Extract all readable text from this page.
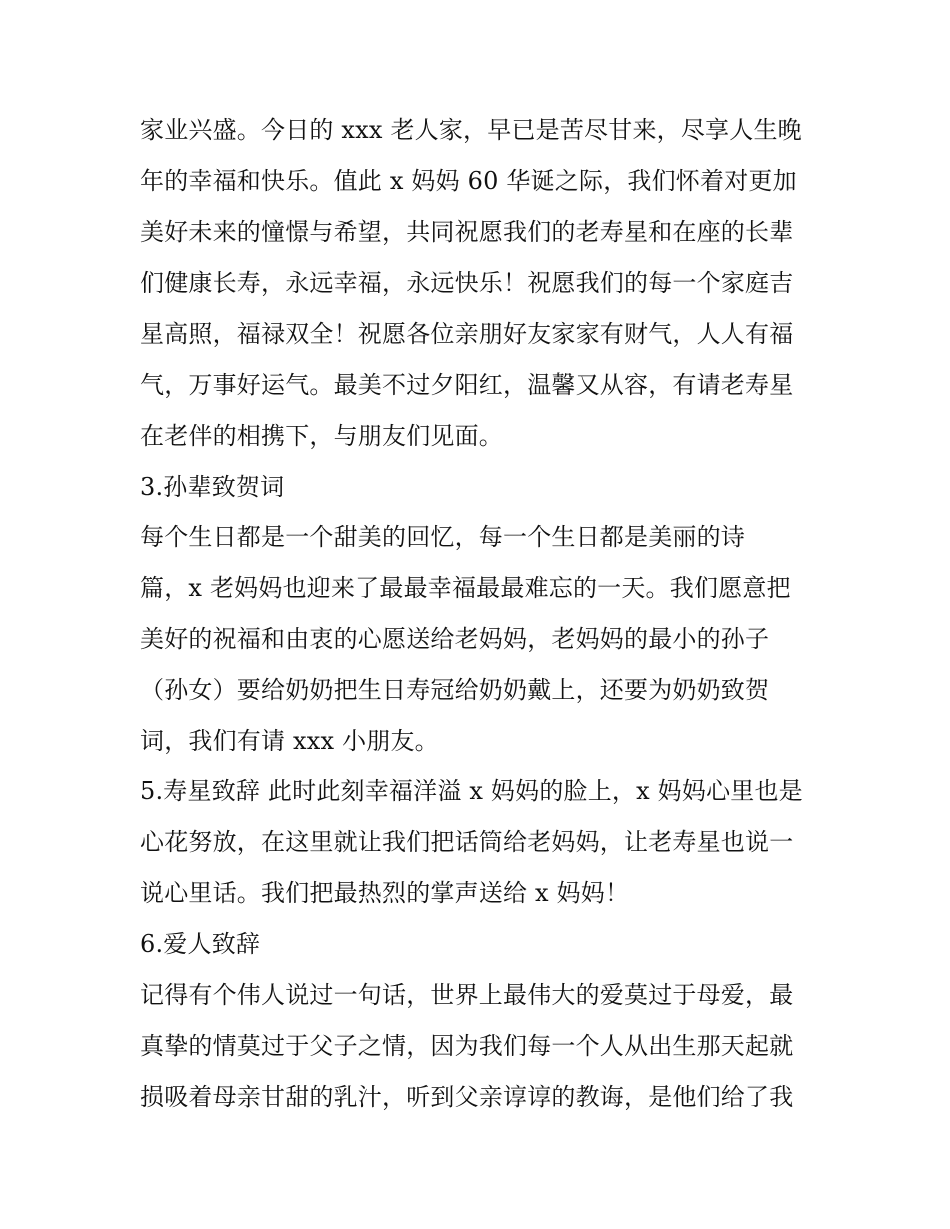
家业兴盛。今日的 xxx 老人家，早已是苦尽甘来，尽享人生晚
年的幸福和快乐。值此 x 妈妈 60 华诞之际，我们怀着对更加
美好未来的憧憬与希望，共同祝愿我们的老寿星和在座的长辈
们健康长寿，永远幸福，永远快乐！祝愿我们的每一个家庭吉
星高照，福禄双全！祝愿各位亲朋好友家家有财气，人人有福
气，万事好运气。最美不过夕阳红，温馨又从容，有请老寿星
在老伴的相携下，与朋友们见面。
3.孙辈致贺词
每个生日都是一个甜美的回忆，每一个生日都是美丽的诗
篇，x 老妈妈也迎来了最最幸福最最难忘的一天。我们愿意把
美好的祝福和由衷的心愿送给老妈妈，老妈妈的最小的孙子
（孙女）要给奶奶把生日寿冠给奶奶戴上，还要为奶奶致贺
词，我们有请 xxx 小朋友。
5.寿星致辞 此时此刻幸福洋溢 x 妈妈的脸上，x 妈妈心里也是
心花努放，在这里就让我们把话筒给老妈妈，让老寿星也说一
说心里话。我们把最热烈的掌声送给 x 妈妈！
6.爱人致辞
记得有个伟人说过一句话，世界上最伟大的爱莫过于母爱，最
真挚的情莫过于父子之情，因为我们每一个人从出生那天起就
损吸着母亲甘甜的乳汁，听到父亲谆谆的教诲，是他们给了我
